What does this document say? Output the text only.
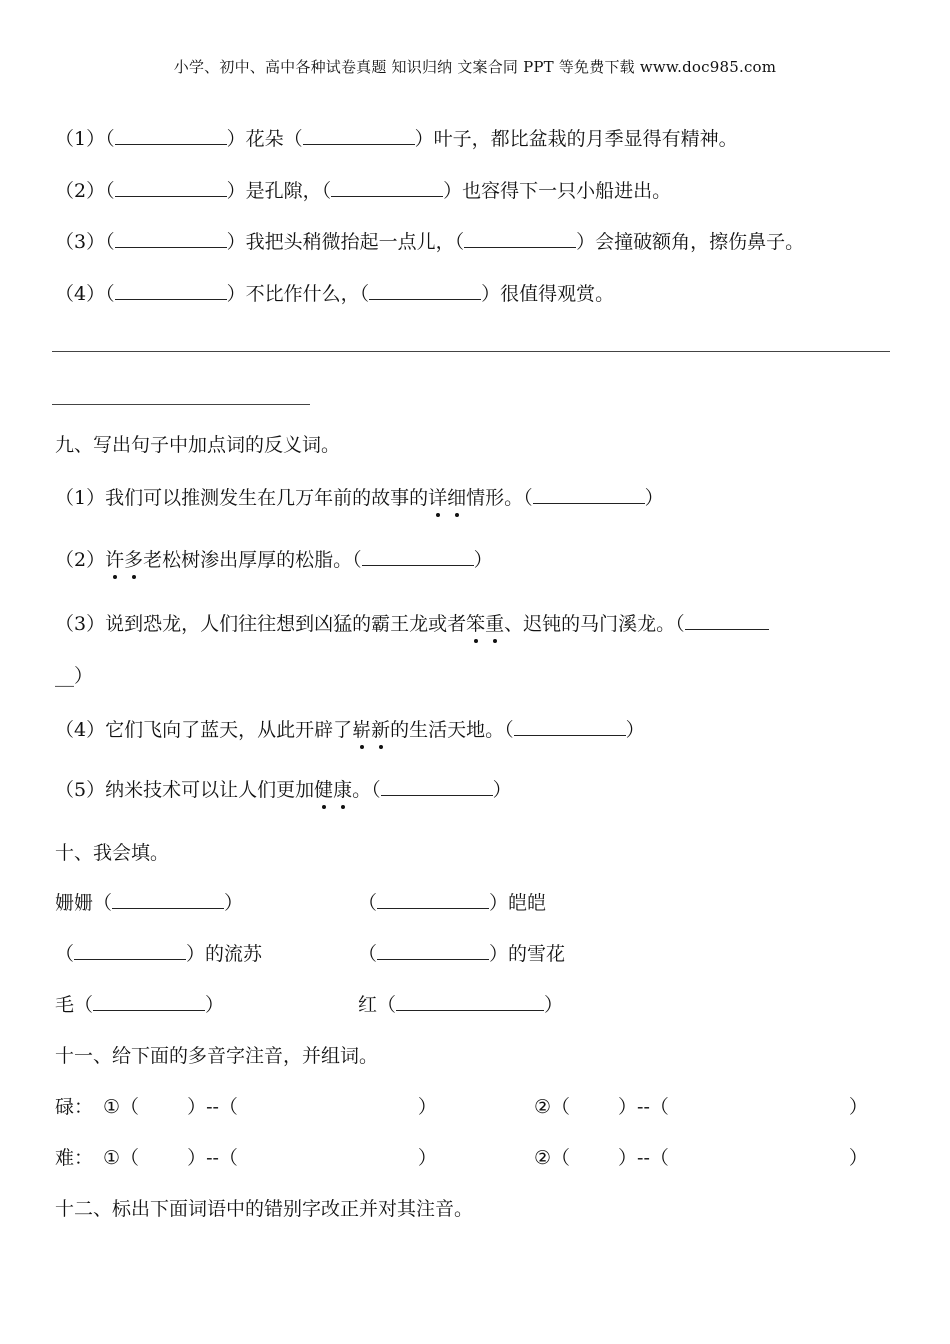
小学、初中、高中各种试卷真题 知识归纳 文案合同 PPT 等免费下载 www.doc985.com
（1）（	）花朵（	）叶子，都比盆栽的月季显得有精神。
（2）（	）是孔隙，（	）也容得下一只小船进出。
（3）（	）我把头稍微抬起一点儿，（	）会撞破额角，擦伤鼻子。
（4）（	）不比作什么，（	）很值得观赏。
九、写出句子中加点词的反义词。
（1）我们可以推测发生在几万年前的故事的详细情形。（	）
（2）许多老松树渗出厚厚的松脂。（	）
（3）说到恐龙，人们往往想到凶猛的霸王龙或者笨重、迟钝的马门溪龙。（
__）
（4）它们飞向了蓝天，从此开辟了崭新的生活天地。（	）
（5）纳米技术可以让人们更加健康。（	）
十、我会填。
姗姗（	）	（	）皑皑
（	）的流苏	（	）的雪花
毛（	）	红（	）
十一、给下面的多音字注音，并组词。
碌： ①（	）--（	）	②（	）--（	）
难： ①（	）--（	）	②（	）--（	）
十二、标出下面词语中的错别字改正并对其注音。
